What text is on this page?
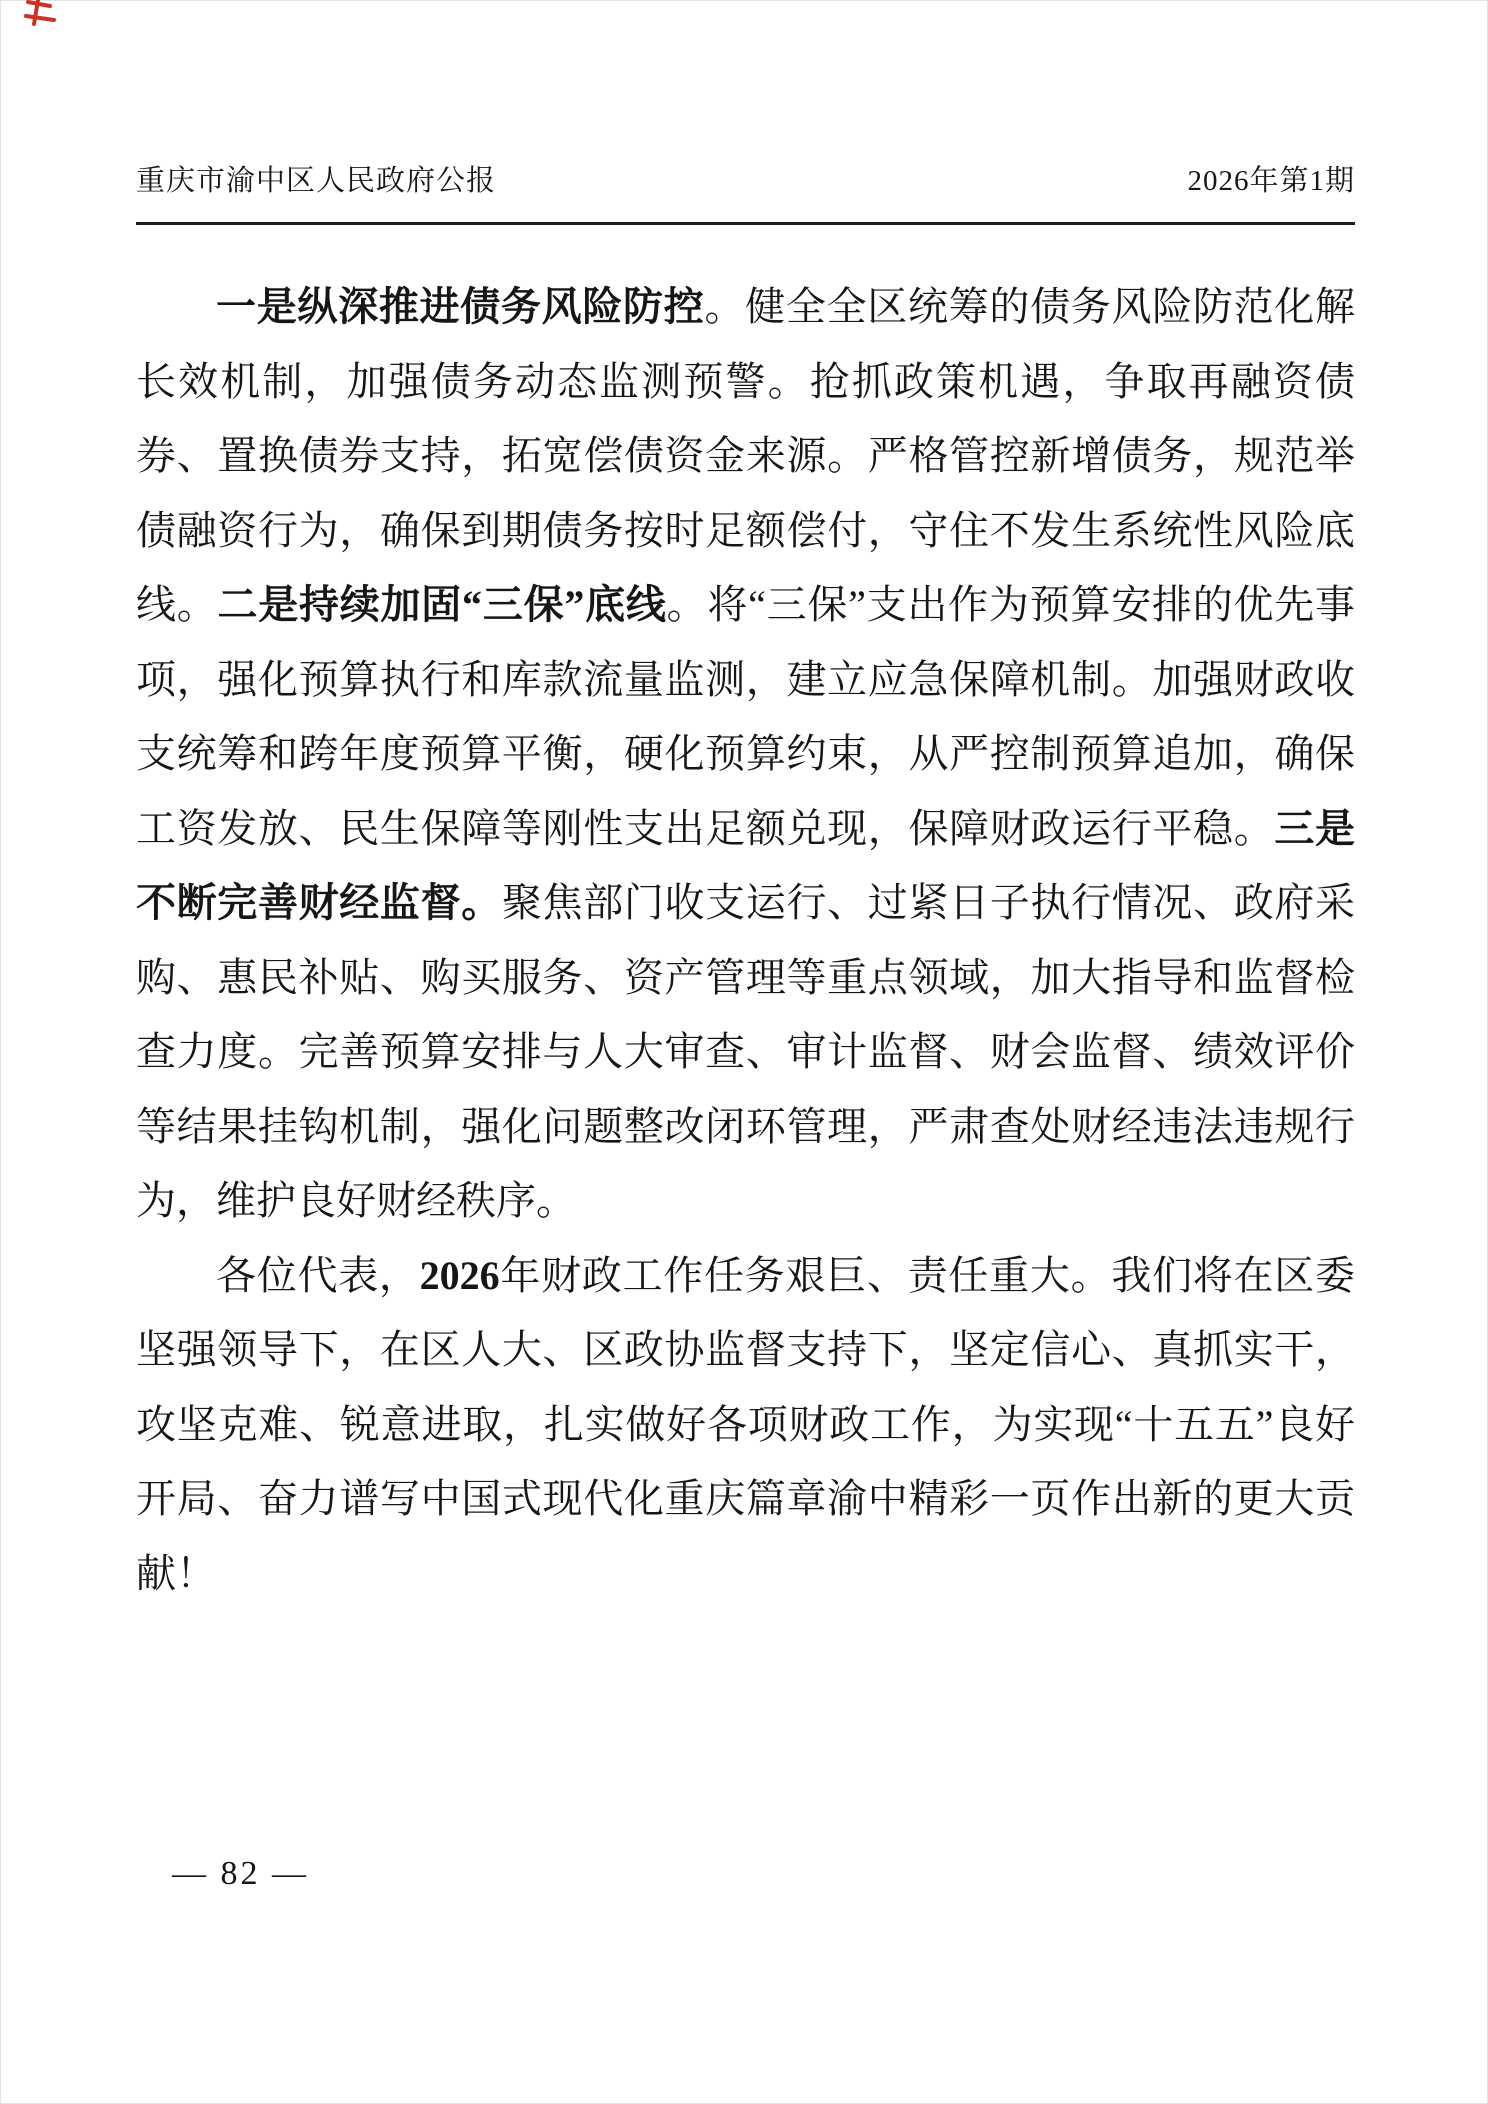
重庆市渝中区人民政府公报	2026年第1期

一是纵深推进债务风险防控。健全全区统筹的债务风险防范化解长效机制，加强债务动态监测预警。抢抓政策机遇，争取再融资债券、置换债券支持，拓宽偿债资金来源。严格管控新增债务，规范举债融资行为，确保到期债务按时足额偿付，守住不发生系统性风险底线。二是持续加固“三保”底线。将“三保”支出作为预算安排的优先事项，强化预算执行和库款流量监测，建立应急保障机制。加强财政收支统筹和跨年度预算平衡，硬化预算约束，从严控制预算追加，确保工资发放、民生保障等刚性支出足额兑现，保障财政运行平稳。三是不断完善财经监督。聚焦部门收支运行、过紧日子执行情况、政府采购、惠民补贴、购买服务、资产管理等重点领域，加大指导和监督检查力度。完善预算安排与人大审查、审计监督、财会监督、绩效评价等结果挂钩机制，强化问题整改闭环管理，严肃查处财经违法违规行为，维护良好财经秩序。

各位代表，2026年财政工作任务艰巨、责任重大。我们将在区委坚强领导下，在区人大、区政协监督支持下，坚定信心、真抓实干，攻坚克难、锐意进取，扎实做好各项财政工作，为实现“十五五”良好开局、奋力谱写中国式现代化重庆篇章渝中精彩一页作出新的更大贡献！

— 82 —
